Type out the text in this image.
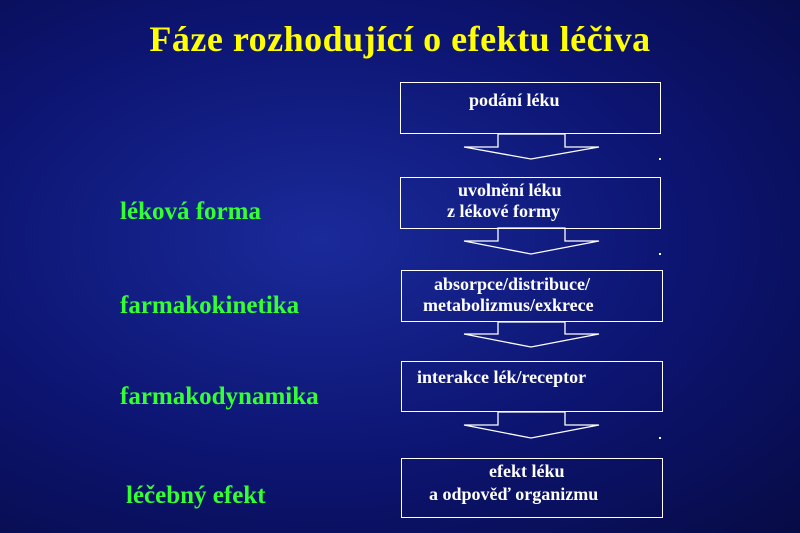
Fáze rozhodující o efektu léčiva
léková forma
farmakokinetika
farmakodynamika
léčebný efekt
podání léku
uvolnění léku
z lékové formy
absorpce/distribuce/
metabolizmus/exkrece
interakce lék/receptor
efekt léku
a odpověď organizmu
